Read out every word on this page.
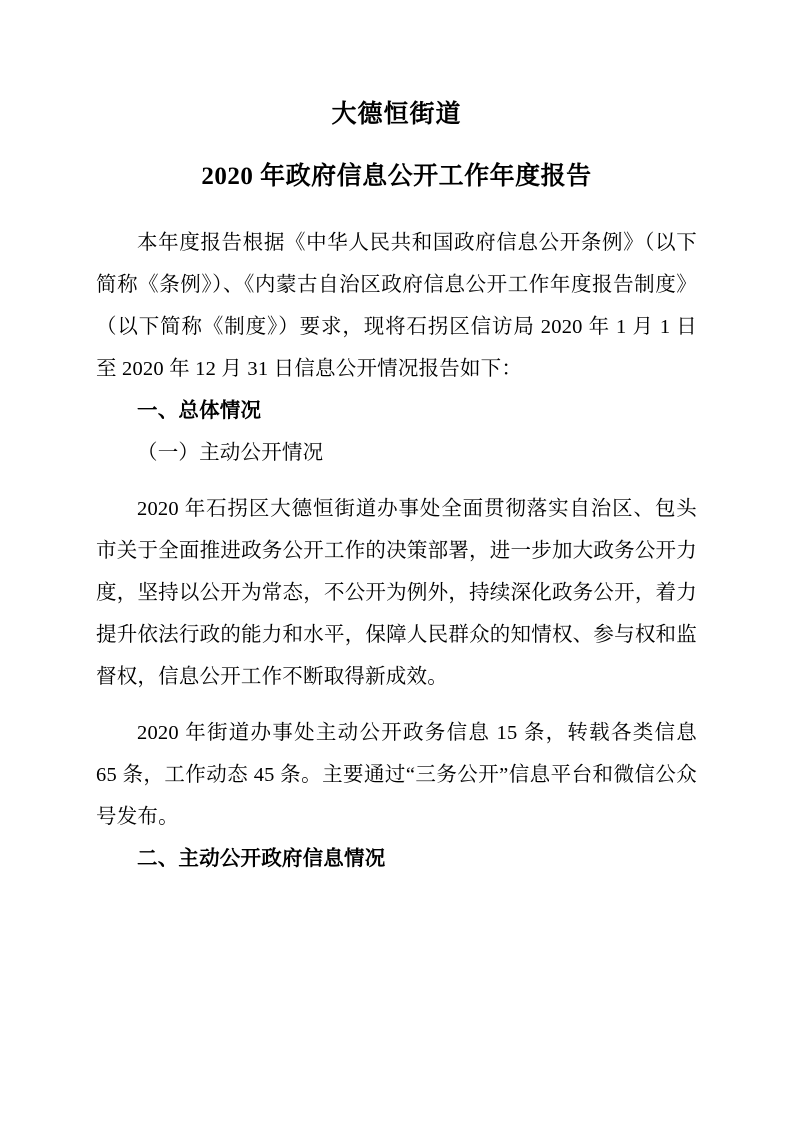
大德恒街道
2020 年政府信息公开工作年度报告

本年度报告根据《中华人民共和国政府信息公开条例》（以下简称《条例》）、《内蒙古自治区政府信息公开工作年度报告制度》（以下简称《制度》）要求，现将石拐区信访局 2020 年 1 月 1 日至 2020 年 12 月 31 日信息公开情况报告如下：

一、总体情况

（一）主动公开情况

2020 年石拐区大德恒街道办事处全面贯彻落实自治区、包头市关于全面推进政务公开工作的决策部署，进一步加大政务公开力度，坚持以公开为常态，不公开为例外，持续深化政务公开，着力提升依法行政的能力和水平，保障人民群众的知情权、参与权和监督权，信息公开工作不断取得新成效。

2020 年街道办事处主动公开政务信息 15 条，转载各类信息 65 条，工作动态 45 条。主要通过“三务公开”信息平台和微信公众号发布。

二、主动公开政府信息情况
